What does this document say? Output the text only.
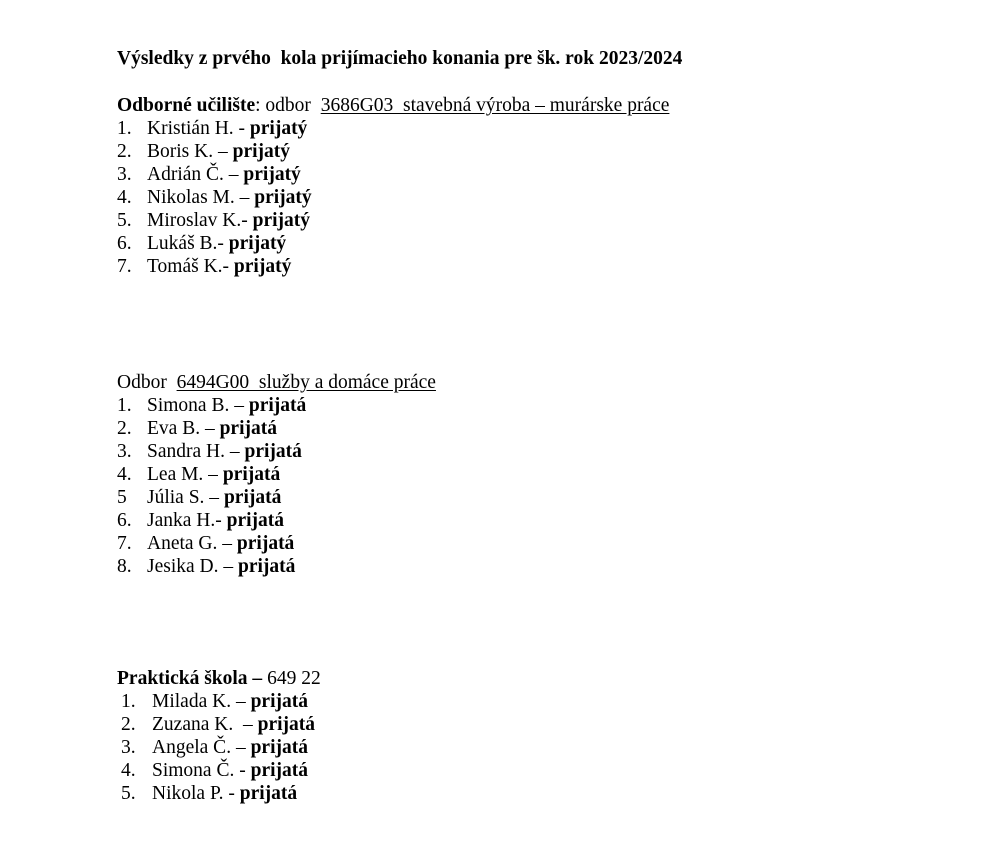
Výsledky z prvého  kola prijímacieho konania pre šk. rok 2023/2024
Odborné učilište: odbor  3686G03  stavebná výroba – murárske práce
1. Kristián H. - prijatý
2. Boris K. – prijatý
3. Adrián Č. – prijatý
4. Nikolas M. – prijatý
5. Miroslav K.- prijatý
6. Lukáš B.- prijatý
7. Tomáš K.- prijatý
Odbor  6494G00  služby a domáce práce
1. Simona B. – prijatá
2. Eva B. – prijatá
3. Sandra H. – prijatá
4. Lea M. – prijatá
5 Júlia S. – prijatá
6. Janka H.- prijatá
7. Aneta G. – prijatá
8. Jesika D. – prijatá
Praktická škola – 649 22
1. Milada K. – prijatá
2. Zuzana K.  – prijatá
3. Angela Č. – prijatá
4. Simona Č. - prijatá
5. Nikola P. - prijatá
